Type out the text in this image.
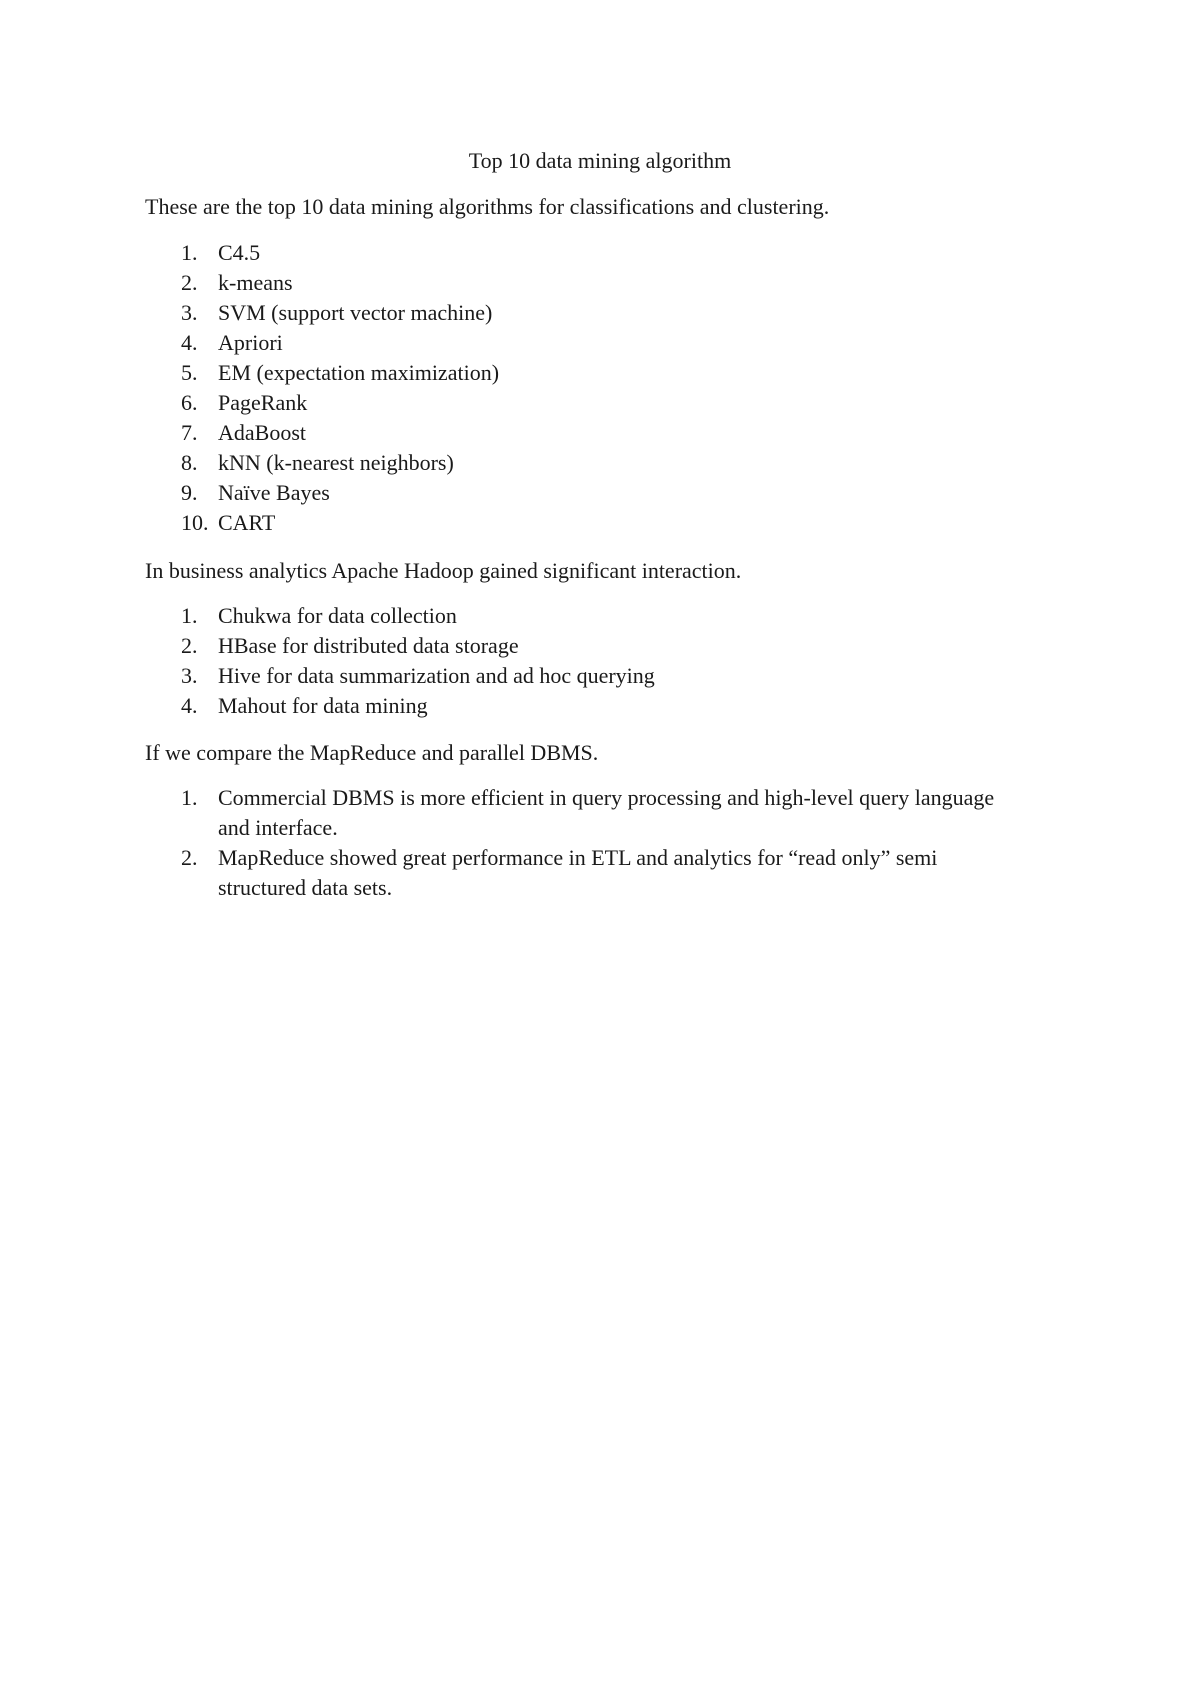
Top 10 data mining algorithm
These are the top 10 data mining algorithms for classifications and clustering.
1. C4.5
2. k-means
3. SVM (support vector machine)
4. Apriori
5. EM (expectation maximization)
6. PageRank
7. AdaBoost
8. kNN (k-nearest neighbors)
9. Naïve Bayes
10. CART
In business analytics Apache Hadoop gained significant interaction.
1. Chukwa for data collection
2. HBase for distributed data storage
3. Hive for data summarization and ad hoc querying
4. Mahout for data mining
If we compare the MapReduce and parallel DBMS.
1. Commercial DBMS is more efficient in query processing and high-level query language and interface.
2. MapReduce showed great performance in ETL and analytics for “read only” semi structured data sets.
